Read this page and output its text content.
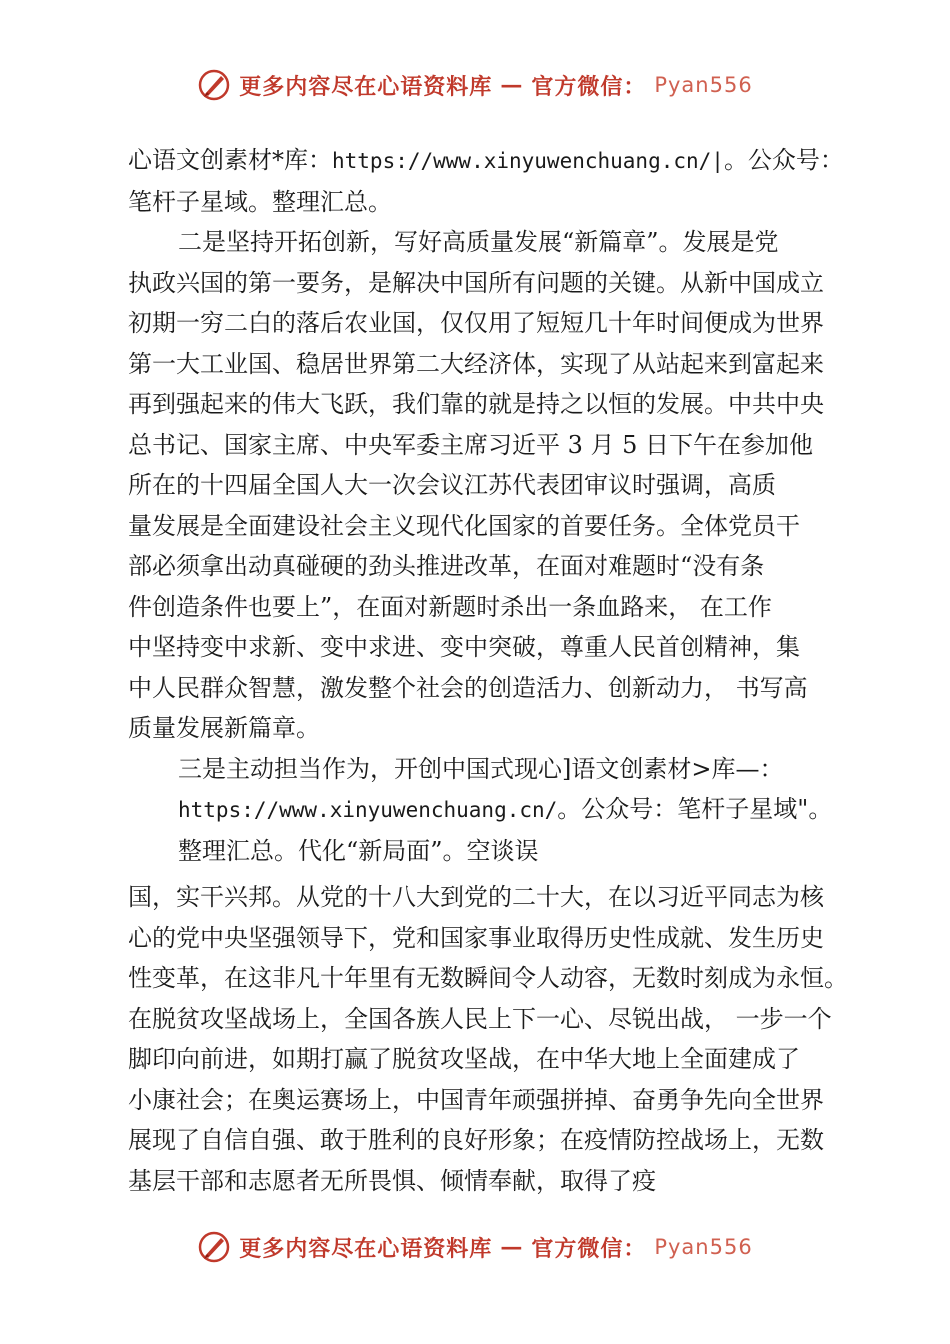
更多内容尽在心语资料库 — 官方微信： Pyan556
心语文创素材*库：https://www.xinyuwenchuang.cn/|。公众号：
笔杆子星域。整理汇总。
二是坚持开拓创新，写好高质量发展“新篇章”。发展是党
执政兴国的第一要务，是解决中国所有问题的关键。从新中国成立
初期一穷二白的落后农业国，仅仅用了短短几十年时间便成为世界
第一大工业国、稳居世界第二大经济体，实现了从站起来到富起来
再到强起来的伟大飞跃，我们靠的就是持之以恒的发展。中共中央
总书记、国家主席、中央军委主席习近平 3 月 5 日下午在参加他
所在的十四届全国人大一次会议江苏代表团审议时强调，高质
量发展是全面建设社会主义现代化国家的首要任务。全体党员干
部必须拿出动真碰硬的劲头推进改革，在面对难题时“没有条
件创造条件也要上”，在面对新题时杀出一条血路来， 在工作
中坚持变中求新、变中求进、变中突破，尊重人民首创精神，集
中人民群众智慧，激发整个社会的创造活力、创新动力， 书写高
质量发展新篇章。
三是主动担当作为，开创中国式现心]语文创素材>库—：
https://www.xinyuwenchuang.cn/。公众号：笔杆子星域"。
整理汇总。代化“新局面”。空谈误
国，实干兴邦。从党的十八大到党的二十大，在以习近平同志为核
心的党中央坚强领导下，党和国家事业取得历史性成就、发生历史
性变革，在这非凡十年里有无数瞬间令人动容，无数时刻成为永恒。
在脱贫攻坚战场上，全国各族人民上下一心、尽锐出战， 一步一个
脚印向前进，如期打赢了脱贫攻坚战，在中华大地上全面建成了
小康社会；在奥运赛场上，中国青年顽强拼掉、奋勇争先向全世界
展现了自信自强、敢于胜利的良好形象；在疫情防控战场上，无数
基层干部和志愿者无所畏惧、倾情奉献，取得了疫
更多内容尽在心语资料库 — 官方微信： Pyan556
